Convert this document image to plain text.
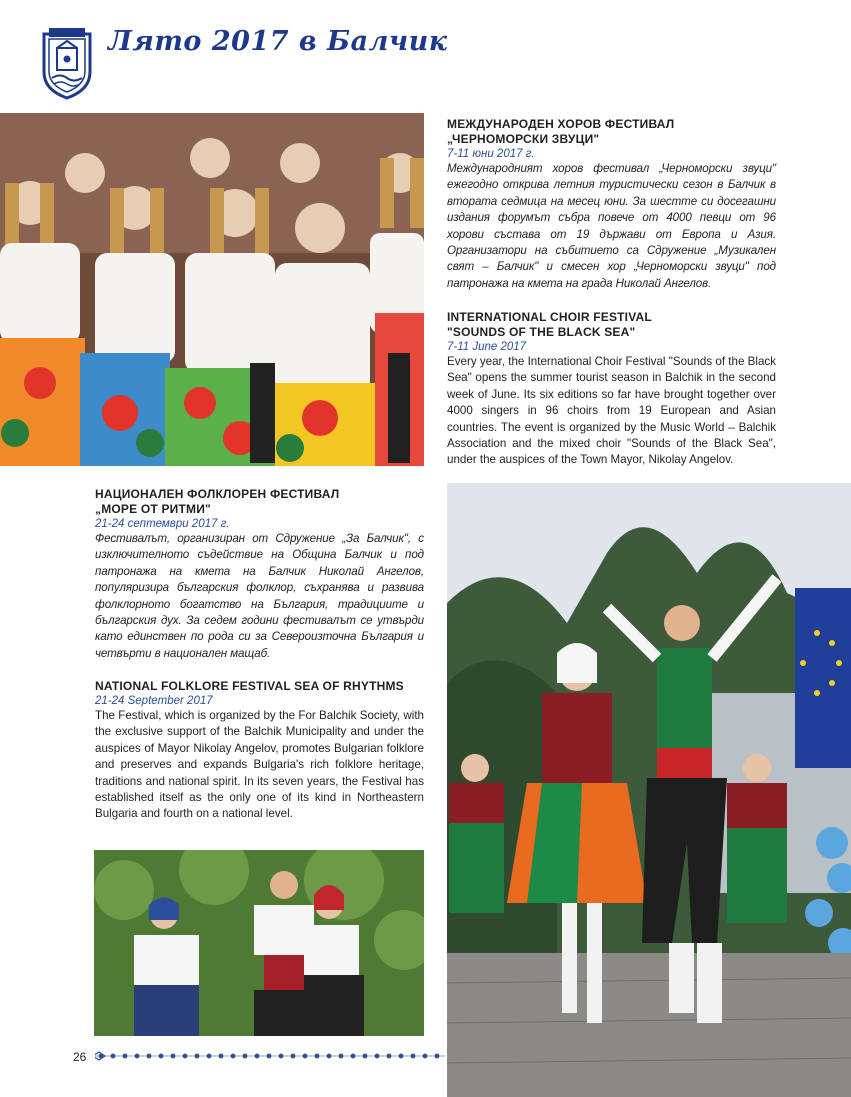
Лято 2017 в Балчик

МЕЖДУНАРОДЕН ХОРОВ ФЕСТИВАЛ

„ЧЕРНОМОРСКИ ЗВУЦИ"

7-11 юни 2017 г.

Международният хоров фестивал „Черноморски звуци" ежегодно открива летния туристически сезон в Балчик в втората седмица на месец юни. За шестте си досегашни издания форумът събра повече от 4000 певци от 96 хорови състава от 19 държави от Европа и Азия. Организатори на събитието са Сдружение „Музикален свят – Балчик" и смесен хор „Черноморски звуци" под патронажа на кмета на града Николай Ангелов.

INTERNATIONAL CHOIR FESTIVAL

"SOUNDS OF THE BLACK SEA"

7-11 June 2017

Every year, the International Choir Festival "Sounds of the Black Sea" opens the summer tourist season in Balchik in the second week of June. Its six editions so far have brought together over 4000 singers in 96 choirs from 19 European and Asian countries. The event is organized by the Music World – Balchik Association and the mixed choir "Sounds of the Black Sea", under the auspices of the Town Mayor, Nikolay Angelov.

НАЦИОНАЛЕН ФОЛКЛОРЕН ФЕСТИВАЛ

„МОРЕ ОТ РИТМИ"

21-24 септември 2017 г.

Фестивалът, организиран от Сдружение „За Балчик", с изключителното съдействие на Община Балчик и под патронажа на кмета на Балчик Николай Ангелов, популяризира българския фолклор, съхранява и развива фолклорното богатство на България, традициите и българския дух. За седем години фестивалът се утвърди като единствен по рода си за Североизточна България и четвърти в национален мащаб.

NATIONAL FOLKLORE FESTIVAL SEA OF RHYTHMS

21-24 September 2017

The Festival, which is organized by the For Balchik Society, with the exclusive support of the Balchik Municipality and under the auspices of Mayor Nikolay Angelov, promotes Bulgarian folklore and preserves and expands Bulgaria's rich folklore heritage, traditions and national spirit. In its seven years, the Festival has established itself as the only one of its kind in Northeastern Bulgaria and fourth on a national level.

26
